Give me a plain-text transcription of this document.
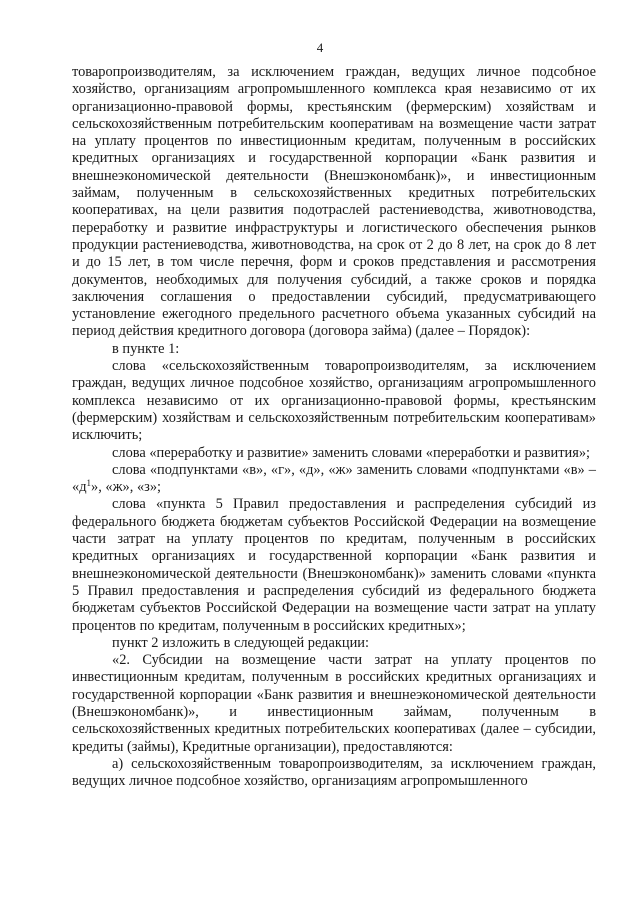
4

товаропроизводителям, за исключением граждан, ведущих личное подсобное хозяйство, организациям агропромышленного комплекса края независимо от их организационно-правовой формы, крестьянским (фермерским) хозяйствам и сельскохозяйственным потребительским кооперативам на возмещение части затрат на уплату процентов по инвестиционным кредитам, полученным в российских кредитных организациях и государственной корпорации «Банк развития и внешнеэкономической деятельности (Внешэкономбанк)», и инвестиционным займам, полученным в сельскохозяйственных кредитных потребительских кооперативах, на цели развития подотраслей растениеводства, животноводства, переработку и развитие инфраструктуры и логистического обеспечения рынков продукции растениеводства, животноводства, на срок от 2 до 8 лет, на срок до 8 лет и до 15 лет, в том числе перечня, форм и сроков представления и рассмотрения документов, необходимых для получения субсидий, а также сроков и порядка заключения соглашения о предоставлении субсидий, предусматривающего установление ежегодного предельного расчетного объема указанных субсидий на период действия кредитного договора (договора займа) (далее – Порядок):

в пункте 1:

слова «сельскохозяйственным товаропроизводителям, за исключением граждан, ведущих личное подсобное хозяйство, организациям агропромышленного комплекса независимо от их организационно-правовой формы, крестьянским (фермерским) хозяйствам и сельскохозяйственным потребительским кооперативам» исключить;

слова «переработку и развитие» заменить словами «переработки и развития»;

слова «подпунктами «в», «г», «д», «ж» заменить словами «подпунктами «в» – «$д^1$», «ж», «з»;

слова «пункта 5 Правил предоставления и распределения субсидий из федерального бюджета бюджетам субъектов Российской Федерации на возмещение части затрат на уплату процентов по кредитам, полученным в российских кредитных организациях и государственной корпорации «Банк развития и внешнеэкономической деятельности (Внешэкономбанк)» заменить словами «пункта 5 Правил предоставления и распределения субсидий из федерального бюджета бюджетам субъектов Российской Федерации на возмещение части затрат на уплату процентов по кредитам, полученным в российских кредитных»;

пункт 2 изложить в следующей редакции:

«2. Субсидии на возмещение части затрат на уплату процентов по инвестиционным кредитам, полученным в российских кредитных организациях и государственной корпорации «Банк развития и внешнеэкономической деятельности (Внешэкономбанк)», и инвестиционным займам, полученным в сельскохозяйственных кредитных потребительских кооперативах (далее – субсидии, кредиты (займы), Кредитные организации), предоставляются:

а) сельскохозяйственным товаропроизводителям, за исключением граждан, ведущих личное подсобное хозяйство, организациям агропромышленного
